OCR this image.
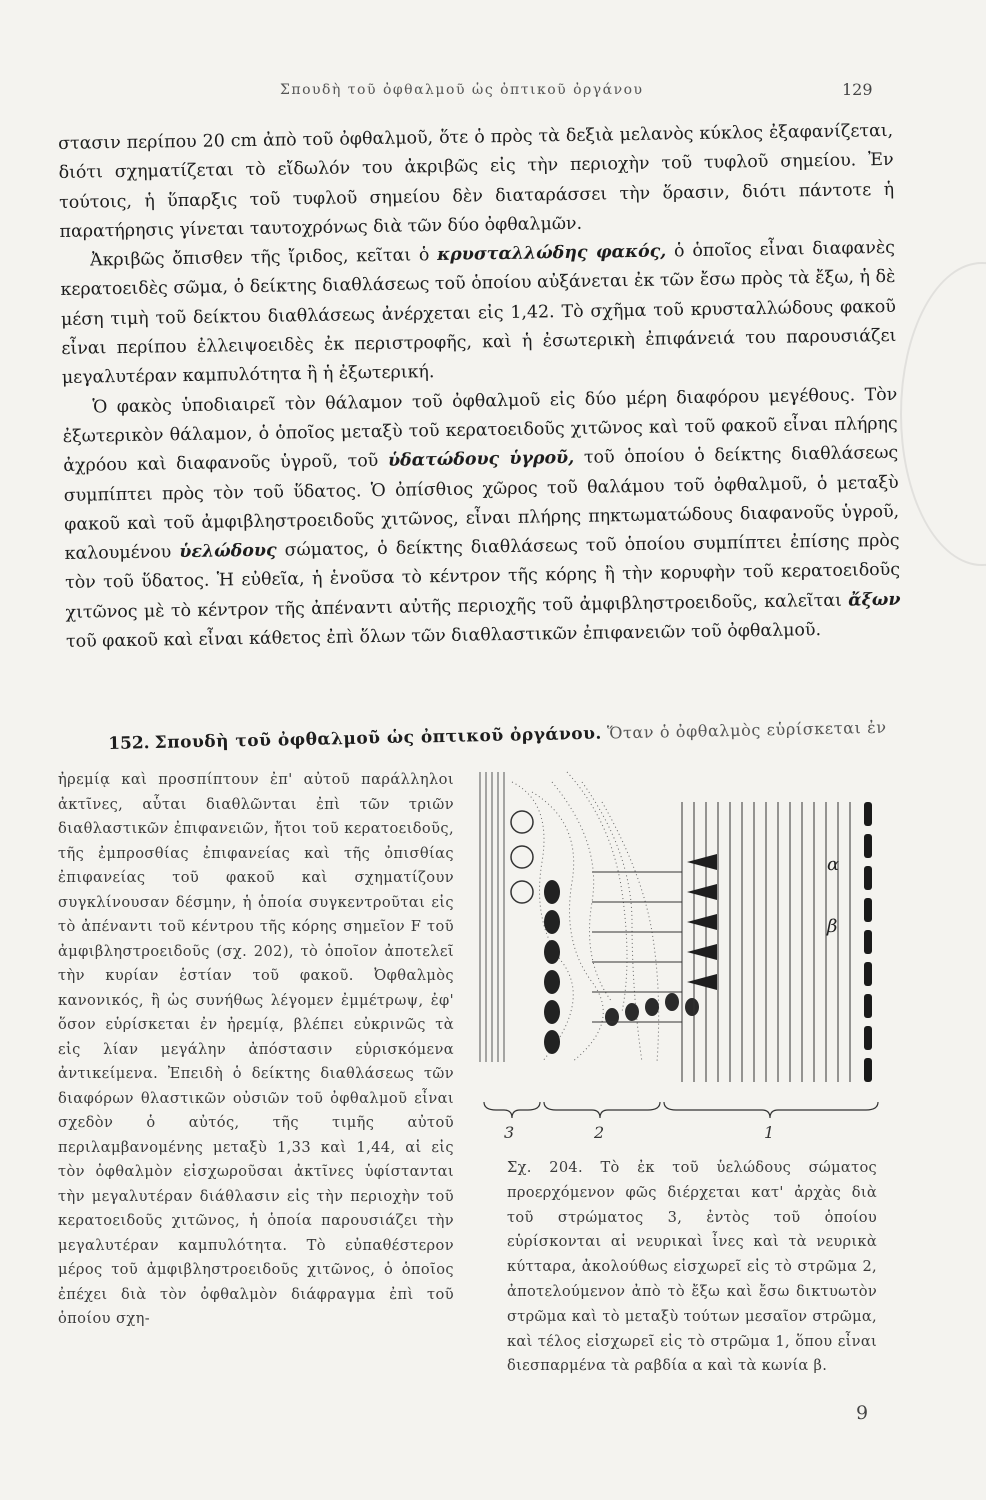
Σπουδὴ τοῦ ὀφθαλμοῦ ὡς ὀπτικοῦ ὀργάνου	129

στασιν περίπου 20 cm ἀπὸ τοῦ ὀφθαλμοῦ, ὅτε ὁ πρὸς τὰ δεξιὰ μελανὸς κύκλος ἐξαφανίζεται, διότι σχηματίζεται τὸ εἴδωλόν του ἀκριβῶς εἰς τὴν περιοχὴν τοῦ τυφλοῦ σημείου. Ἐν τούτοις, ἡ ὕπαρξις τοῦ τυφλοῦ σημείου δὲν διαταράσσει τὴν ὅρασιν, διότι πάντοτε ἡ παρατήρησις γίνεται ταυτοχρόνως διὰ τῶν δύο ὀφθαλμῶν.

Ἀκριβῶς ὄπισθεν τῆς ἴριδος, κεῖται ὁ κρυσταλλώδης φακός, ὁ ὁποῖος εἶναι διαφανὲς κερατοειδὲς σῶμα, ὁ δείκτης διαθλάσεως τοῦ ὁποίου αὐξάνεται ἐκ τῶν ἔσω πρὸς τὰ ἔξω, ἡ δὲ μέση τιμὴ τοῦ δείκτου διαθλάσεως ἀνέρχεται εἰς 1,42. Τὸ σχῆμα τοῦ κρυσταλλώδους φακοῦ εἶναι περίπου ἐλλειψοειδὲς ἐκ περιστροφῆς, καὶ ἡ ἐσωτερικὴ ἐπιφάνειά του παρουσιάζει μεγαλυτέραν καμπυλότητα ἢ ἡ ἐξωτερική.

Ὁ φακὸς ὑποδιαιρεῖ τὸν θάλαμον τοῦ ὀφθαλμοῦ εἰς δύο μέρη διαφόρου μεγέθους. Τὸν ἐξωτερικὸν θάλαμον, ὁ ὁποῖος μεταξὺ τοῦ κερατοειδοῦς χιτῶνος καὶ τοῦ φακοῦ εἶναι πλήρης ἀχρόου καὶ διαφανοῦς ὑγροῦ, τοῦ ὑδατώδους ὑγροῦ, τοῦ ὁποίου ὁ δείκτης διαθλάσεως συμπίπτει πρὸς τὸν τοῦ ὕδατος. Ὁ ὀπίσθιος χῶρος τοῦ θαλάμου τοῦ ὀφθαλμοῦ, ὁ μεταξὺ φακοῦ καὶ τοῦ ἀμφιβληστροειδοῦς χιτῶνος, εἶναι πλήρης πηκτωματώδους διαφανοῦς ὑγροῦ, καλουμένου ὑελώδους σώματος, ὁ δείκτης διαθλάσεως τοῦ ὁποίου συμπίπτει ἐπίσης πρὸς τὸν τοῦ ὕδατος. Ἡ εὐθεῖα, ἡ ἑνοῦσα τὸ κέντρον τῆς κόρης ἢ τὴν κορυφὴν τοῦ κερατοειδοῦς χιτῶνος μὲ τὸ κέντρον τῆς ἀπέναντι αὐτῆς περιοχῆς τοῦ ἀμφιβληστροειδοῦς, καλεῖται ἄξων τοῦ φακοῦ καὶ εἶναι κάθετος ἐπὶ ὅλων τῶν διαθλαστικῶν ἐπιφανειῶν τοῦ ὀφθαλμοῦ.

152. Σπουδὴ τοῦ ὀφθαλμοῦ ὡς ὀπτικοῦ ὀργάνου. Ὅταν ὁ ὀφθαλμὸς εὑρίσκεται ἐν

ἠρεμίᾳ καὶ προσπίπτουν ἐπ' αὐτοῦ παράλληλοι ἀκτῖνες, αὗται διαθλῶνται ἐπὶ τῶν τριῶν διαθλαστικῶν ἐπιφανειῶν, ἤτοι τοῦ κερατοειδοῦς, τῆς ἐμπροσθίας ἐπιφανείας καὶ τῆς ὀπισθίας ἐπιφανείας τοῦ φακοῦ καὶ σχηματίζουν συγκλίνουσαν δέσμην, ἡ ὁποία συγκεντροῦται εἰς τὸ ἀπέναντι τοῦ κέντρου τῆς κόρης σημεῖον F τοῦ ἀμφιβληστροειδοῦς (σχ. 202), τὸ ὁποῖον ἀποτελεῖ τὴν κυρίαν ἑστίαν τοῦ φακοῦ. Ὀφθαλμὸς κανονικός, ἢ ὡς συνήθως λέγομεν ἐμμέτρωψ, ἐφ' ὅσον εὑρίσκεται ἐν ἠρεμίᾳ, βλέπει εὐκρινῶς τὰ εἰς λίαν μεγάλην ἀπόστασιν εὑρισκόμενα ἀντικείμενα. Ἐπειδὴ ὁ δείκτης διαθλάσεως τῶν διαφόρων θλαστικῶν οὐσιῶν τοῦ ὀφθαλμοῦ εἶναι σχεδὸν ὁ αὐτός, τῆς τιμῆς αὐτοῦ περιλαμβανομένης μεταξὺ 1,33 καὶ 1,44, αἱ εἰς τὸν ὀφθαλμὸν εἰσχωροῦσαι ἀκτῖνες ὑφίστανται τὴν μεγαλυτέραν διάθλασιν εἰς τὴν περιοχὴν τοῦ κερατοειδοῦς χιτῶνος, ἡ ὁποία παρουσιάζει τὴν μεγαλυτέραν καμπυλότητα. Τὸ εὐπαθέστερον μέρος τοῦ ἀμφιβληστροειδοῦς χιτῶνος, ὁ ὁποῖος ἐπέχει διὰ τὸν ὀφθαλμὸν διάφραγμα ἐπὶ τοῦ ὁποίου σχη-

α
β
3	2	1

Σχ. 204. Τὸ ἐκ τοῦ ὑελώδους σώματος προερχόμενον φῶς διέρχεται κατ' ἀρχὰς διὰ τοῦ στρώματος 3, ἐντὸς τοῦ ὁποίου εὑρίσκονται αἱ νευρικαὶ ἶνες καὶ τὰ νευρικὰ κύτταρα, ἀκολούθως εἰσχωρεῖ εἰς τὸ στρῶμα 2, ἀποτελούμενον ἀπὸ τὸ ἔξω καὶ ἔσω δικτυωτὸν στρῶμα καὶ τὸ μεταξὺ τούτων μεσαῖον στρῶμα, καὶ τέλος εἰσχωρεῖ εἰς τὸ στρῶμα 1, ὅπου εἶναι διεσπαρμένα τὰ ραβδία α καὶ τὰ κωνία β.

9
